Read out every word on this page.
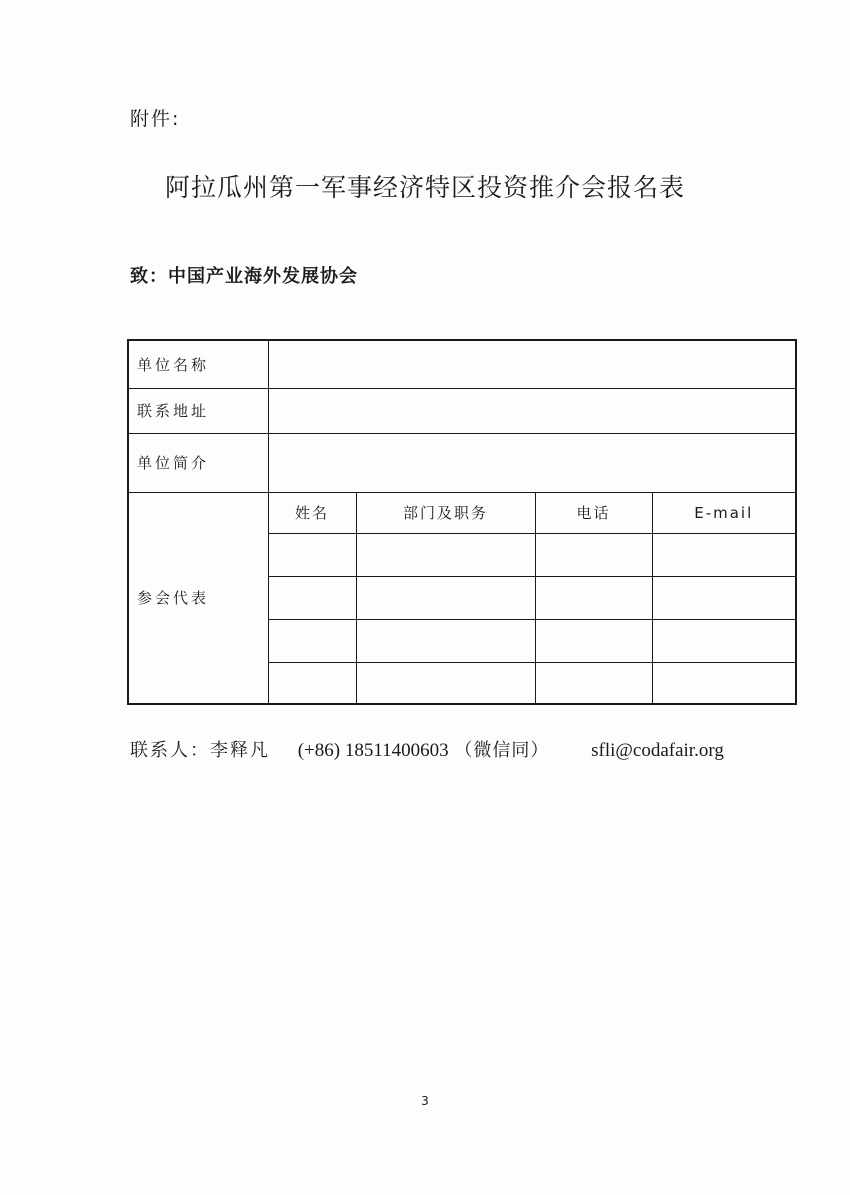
附件:
阿拉瓜州第一军事经济特区投资推介会报名表
致：中国产业海外发展协会
单位名称				
联系地址				
单位简介				
参会代表	姓名	部门及职务	电话	E-mail

联系人：李释凡 (+86) 18511400603 （微信同） sfli@codafair.org
3
